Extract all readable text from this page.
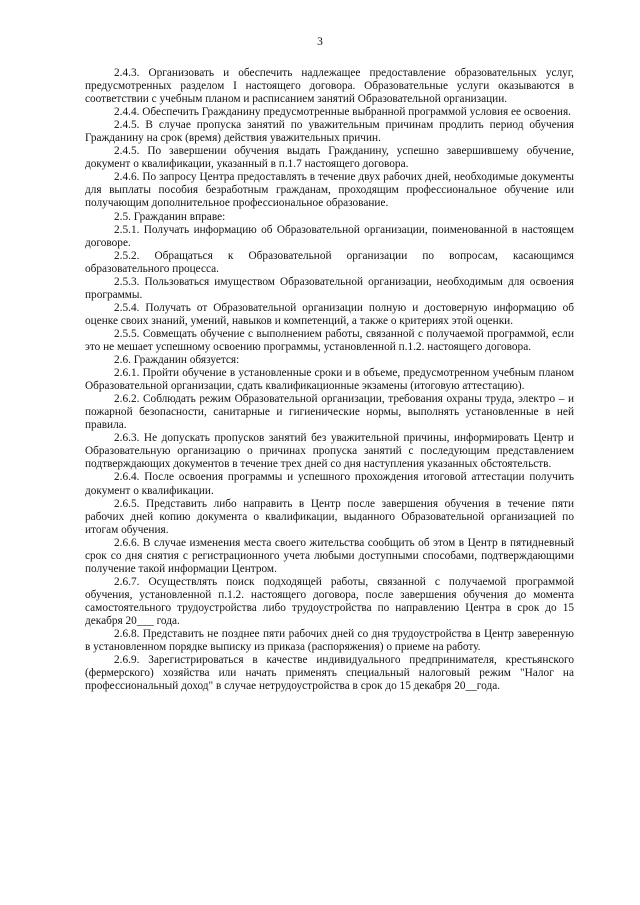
3

2.4.3. Организовать и обеспечить надлежащее предоставление образовательных услуг, предусмотренных разделом I настоящего договора. Образовательные услуги оказываются в соответствии с учебным планом и расписанием занятий Образовательной организации.

2.4.4. Обеспечить Гражданину предусмотренные выбранной программой условия ее освоения.

2.4.5. В случае пропуска занятий по уважительным причинам продлить период обучения Гражданину на срок (время) действия уважительных причин.

2.4.5. По завершении обучения выдать Гражданину, успешно завершившему обучение, документ о квалификации, указанный в п.1.7 настоящего договора.

2.4.6. По запросу Центра предоставлять в течение двух рабочих дней, необходимые документы для выплаты пособия безработным гражданам, проходящим профессиональное обучение или получающим дополнительное профессиональное образование.

2.5. Гражданин вправе:

2.5.1. Получать информацию об Образовательной организации, поименованной в настоящем договоре.

2.5.2. Обращаться к Образовательной организации по вопросам, касающимся образовательного процесса.

2.5.3. Пользоваться имуществом Образовательной организации, необходимым для освоения программы.

2.5.4. Получать от Образовательной организации полную и достоверную информацию об оценке своих знаний, умений, навыков и компетенций, а также о критериях этой оценки.

2.5.5. Совмещать обучение с выполнением работы, связанной с получаемой программой, если это не мешает успешному освоению программы, установленной п.1.2. настоящего договора.

2.6. Гражданин обязуется:

2.6.1. Пройти обучение в установленные сроки и в объеме, предусмотренном учебным планом Образовательной организации, сдать квалификационные экзамены (итоговую аттестацию).

2.6.2. Соблюдать режим Образовательной организации, требования охраны труда, электро – и пожарной безопасности, санитарные и гигиенические нормы, выполнять установленные в ней правила.

2.6.3. Не допускать пропусков занятий без уважительной причины, информировать Центр и Образовательную организацию о причинах пропуска занятий с последующим представлением подтверждающих документов в течение трех дней со дня наступления указанных обстоятельств.

2.6.4. После освоения программы и успешного прохождения итоговой аттестации получить документ о квалификации.

2.6.5. Представить либо направить в Центр после завершения обучения в течение пяти рабочих дней копию документа о квалификации, выданного Образовательной организацией по итогам обучения.

2.6.6. В случае изменения места своего жительства сообщить об этом в Центр в пятидневный срок со дня снятия с регистрационного учета любыми доступными способами, подтверждающими получение такой информации Центром.

2.6.7. Осуществлять поиск подходящей работы, связанной с получаемой программой обучения, установленной п.1.2. настоящего договора, после завершения обучения до момента самостоятельного трудоустройства либо трудоустройства по направлению Центра в срок до 15 декабря 20___ года.

2.6.8. Представить не позднее пяти рабочих дней со дня трудоустройства в Центр заверенную в установленном порядке выписку из приказа (распоряжения) о приеме на работу.

2.6.9. Зарегистрироваться в качестве индивидуального предпринимателя, крестьянского (фермерского) хозяйства или начать применять специальный налоговый режим "Налог на профессиональный доход" в случае нетрудоустройства в срок до 15 декабря 20__года.
